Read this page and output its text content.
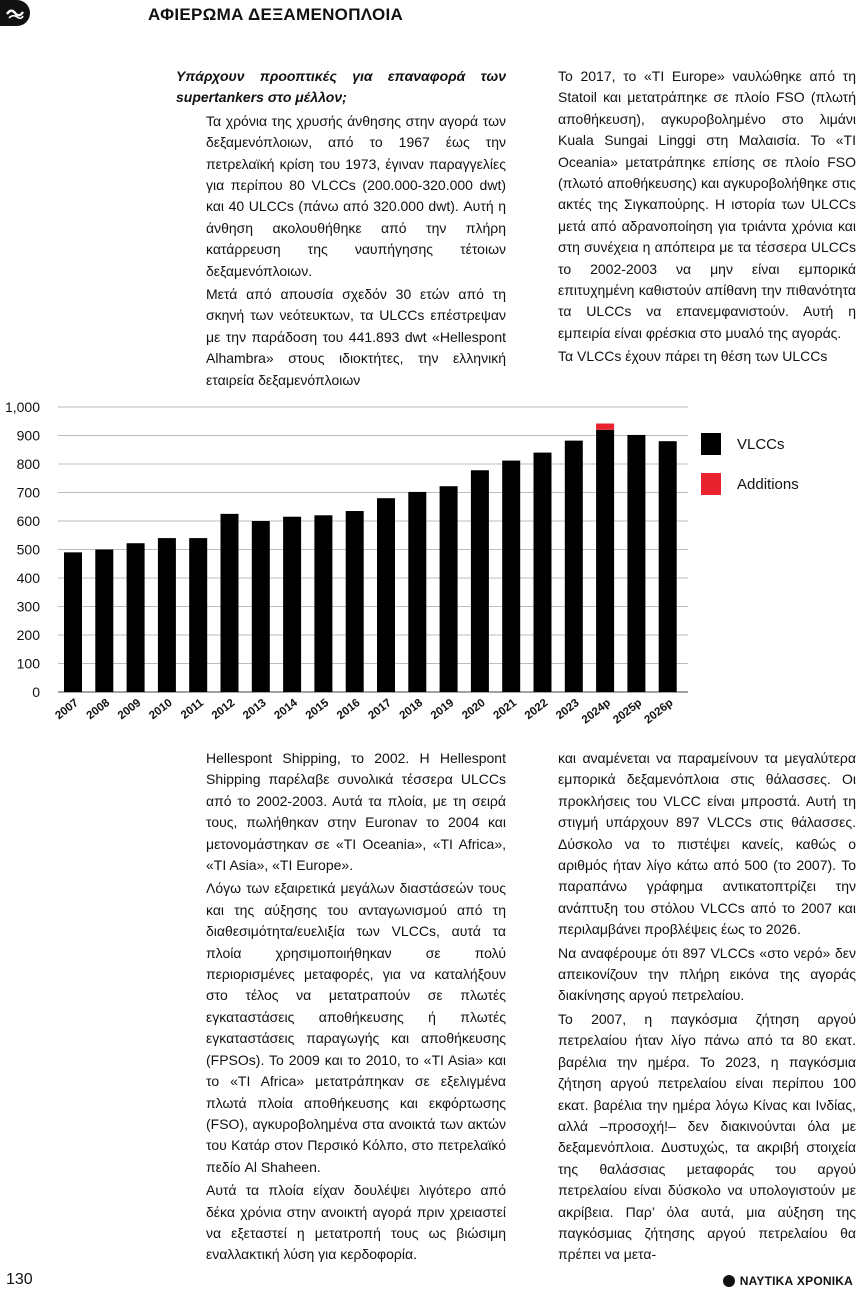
ΑΦΙΕΡΩΜΑ ΔΕΞΑΜΕΝΟΠΛΟΙΑ

Υπάρχουν προοπτικές για επαναφορά των supertankers στο μέλλον;

Τα χρόνια της χρυσής άνθησης στην αγορά των δεξαμενόπλοιων, από το 1967 έως την πετρελαϊκή κρίση του 1973, έγιναν παραγγελίες για περίπου 80 VLCCs (200.000-320.000 dwt) και 40 ULCCs (πάνω από 320.000 dwt). Αυτή η άνθηση ακολουθήθηκε από την πλήρη κατάρρευση της ναυπήγησης τέτοιων δεξαμενόπλοιων.

Μετά από απουσία σχεδόν 30 ετών από τη σκηνή των νεότευκτων, τα ULCCs επέστρεψαν με την παράδοση του 441.893 dwt «Hellespont Alhambra» στους ιδιοκτήτες, την ελληνική εταιρεία δεξαμενόπλοιων

Το 2017, το «TI Europe» ναυλώθηκε από τη Statoil και μετατράπηκε σε πλοίο FSO (πλωτή αποθήκευση), αγκυροβολημένο στο λιμάνι Kuala Sungai Linggi στη Μαλαισία. Το «TI Oceania» μετατράπηκε επίσης σε πλοίο FSO (πλωτό αποθήκευσης) και αγκυροβολήθηκε στις ακτές της Σιγκαπούρης. Η ιστορία των ULCCs μετά από αδρανοποίηση για τριάντα χρόνια και στη συνέχεια η απόπειρα με τα τέσσερα ULCCs το 2002-2003 να μην είναι εμπορικά επιτυχημένη καθιστούν απίθανη την πιθανότητα τα ULCCs να επανεμφανιστούν. Αυτή η εμπειρία είναι φρέσκια στο μυαλό της αγοράς.

Τα VLCCs έχουν πάρει τη θέση των ULCCs

0
100
200
300
400
500
600
700
800
900
1,000
2007 2008 2009 2010 2011 2012 2013 2014 2015 2016 2017 2018 2019 2020 2021 2022 2023
2024p
2025p
2026p
VLCCs
Additions

Hellespont Shipping, το 2002. Η Hellespont Shipping παρέλαβε συνολικά τέσσερα ULCCs από το 2002-2003. Αυτά τα πλοία, με τη σειρά τους, πωλήθηκαν στην Euronav το 2004 και μετονομάστηκαν σε «TI Oceania», «TI Africa», «TI Asia», «TI Europe».

Λόγω των εξαιρετικά μεγάλων διαστάσεών τους και της αύξησης του ανταγωνισμού από τη διαθεσιμότητα/ευελιξία των VLCCs, αυτά τα πλοία χρησιμοποιήθηκαν σε πολύ περιορισμένες μεταφορές, για να καταλήξουν στο τέλος να μετατραπούν σε πλωτές εγκαταστάσεις αποθήκευσης ή πλωτές εγκαταστάσεις παραγωγής και αποθήκευσης (FPSOs). Το 2009 και το 2010, το «TI Asia» και το «TI Africa» μετατράπηκαν σε εξελιγμένα πλωτά πλοία αποθήκευσης και εκφόρτωσης (FSO), αγκυροβολημένα στα ανοικτά των ακτών του Κατάρ στον Περσικό Κόλπο, στο πετρελαϊκό πεδίο Al Shaheen.

Αυτά τα πλοία είχαν δουλέψει λιγότερο από δέκα χρόνια στην ανοικτή αγορά πριν χρειαστεί να εξεταστεί η μετατροπή τους ως βιώσιμη εναλλακτική λύση για κερδοφορία.

και αναμένεται να παραμείνουν τα μεγαλύτερα εμπορικά δεξαμενόπλοια στις θάλασσες. Οι προκλήσεις του VLCC είναι μπροστά. Αυτή τη στιγμή υπάρχουν 897 VLCCs στις θάλασσες. Δύσκολο να το πιστέψει κανείς, καθώς ο αριθμός ήταν λίγο κάτω από 500 (το 2007). Το παραπάνω γράφημα αντικατοπτρίζει την ανάπτυξη του στόλου VLCCs από το 2007 και περιλαμβάνει προβλέψεις έως το 2026.

Να αναφέρουμε ότι 897 VLCCs «στο νερό» δεν απεικονίζουν την πλήρη εικόνα της αγοράς διακίνησης αργού πετρελαίου.

Το 2007, η παγκόσμια ζήτηση αργού πετρελαίου ήταν λίγο πάνω από τα 80 εκατ. βαρέλια την ημέρα. Το 2023, η παγκόσμια ζήτηση αργού πετρελαίου είναι περίπου 100 εκατ. βαρέλια την ημέρα λόγω Κίνας και Ινδίας, αλλά –προσοχή!– δεν διακινούνται όλα με δεξαμενόπλοια. Δυστυχώς, τα ακριβή στοιχεία της θαλάσσιας μεταφοράς του αργού πετρελαίου είναι δύσκολο να υπολογιστούν με ακρίβεια. Παρ’ όλα αυτά, μια αύξηση της παγκόσμιας ζήτησης αργού πετρελαίου θα πρέπει να μετα-

130	ΝΑΥΤΙΚΑ ΧΡΟΝΙΚΑ
